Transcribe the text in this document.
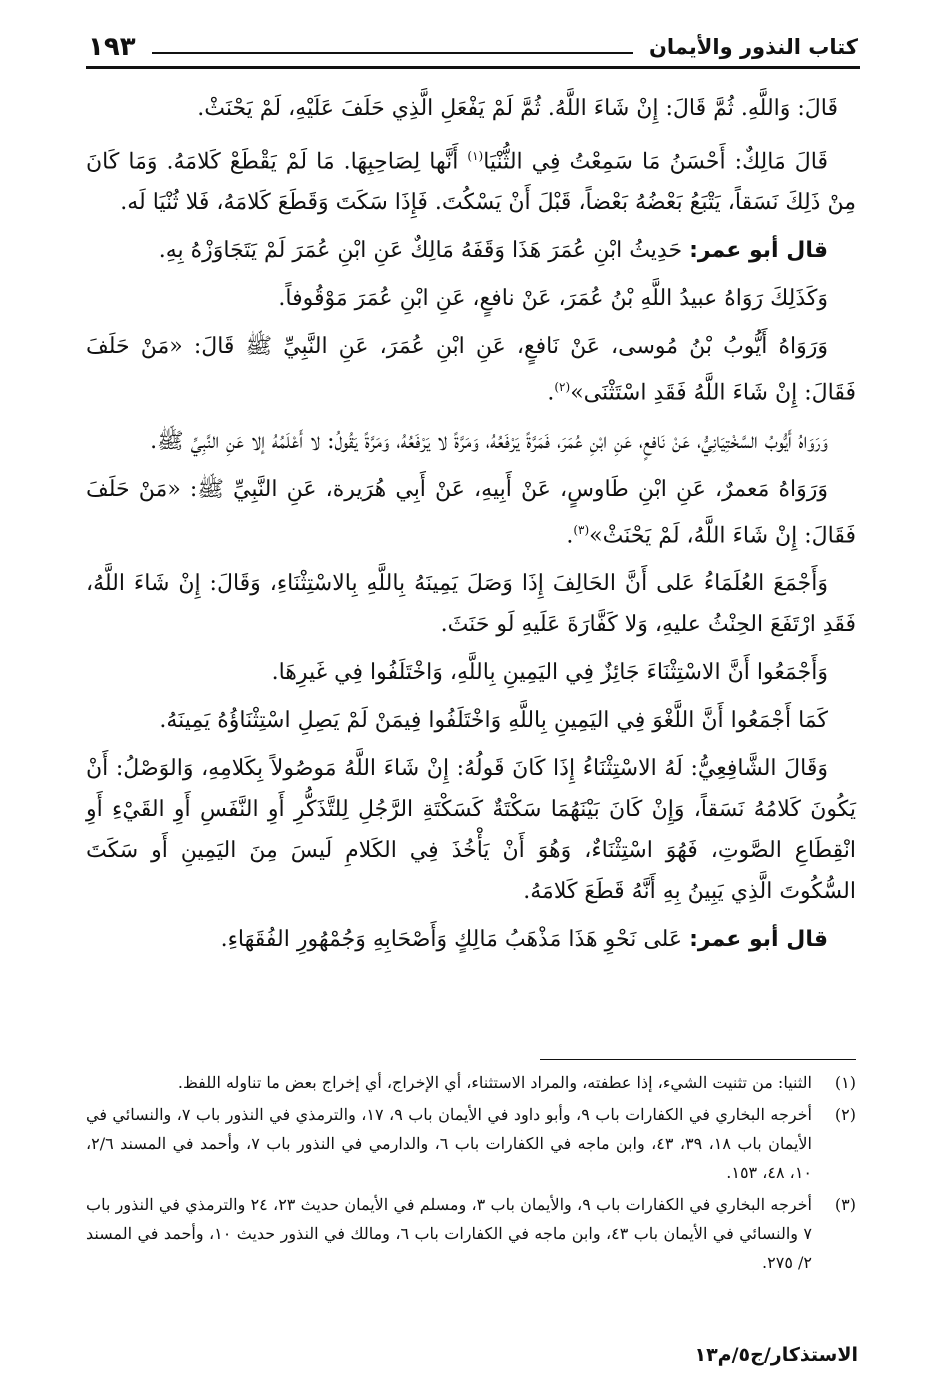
كتاب النذور والأيمان
١٩٣

قَالَ: وَاللَّهِ. ثُمَّ قَالَ: إِنْ شَاءَ اللَّهُ. ثُمَّ لَمْ يَفْعَلِ الَّذِي حَلَفَ عَلَيْهِ، لَمْ يَحْنَثْ.

قَالَ مَالِكٌ: أَحْسَنُ مَا سَمِعْتُ فِي الثُّنْيَا$^{(١)}$ أَنَّها لِصَاحِبِهَا. مَا لَمْ يَقْطَعْ كَلامَهُ. وَمَا كَانَ مِنْ ذَلِكَ نَسَقاً، يَتْبَعُ بَعْضُهُ بَعْضاً، قَبْلَ أَنْ يَسْكُتَ. فَإِذَا سَكَتَ وَقَطَعَ كَلامَهُ، فَلا ثُنْيَا لَه.

قال أبو عمر: حَدِيثُ ابْنِ عُمَرَ هَذَا وَقَفَهُ مَالِكٌ عَنِ ابْنِ عُمَرَ لَمْ يَتَجَاوَزْهُ بِهِ.

وَكَذَلِكَ رَوَاهُ عبيدُ اللَّهِ بْنُ عُمَرَ، عَنْ نافعٍ، عَنِ ابْنِ عُمَرَ مَوْقُوفاً.

وَرَوَاهُ أَيُّوبُ بْنُ مُوسى، عَنْ نَافعٍ، عَنِ ابْنِ عُمَرَ، عَنِ النَّبِيِّ ﷺ قَالَ: «مَنْ حَلَفَ فَقَالَ: إِنْ شَاءَ اللَّهُ فَقَدِ اسْتَثْنَى»$^{(٢)}$.

وَرَوَاهُ أَيُّوبُ السَّخْتِيَانِيُّ، عَنْ نَافعٍ، عَنِ ابْنِ عُمَرَ، فَمَرَّةً يَرْفَعُهُ، وَمَرَّةً لا يَرْفَعُهُ، وَمَرَّةً يَقُولُ: لا أَعْلَمُهُ إلا عَنِ النَّبِيِّ ﷺ.

وَرَوَاهُ مَعمرٌ، عَنِ ابْنِ طَاوسٍ، عَنْ أَبِيهِ، عَنْ أَبِي هُرَيرة، عَنِ النَّبِيِّ ﷺ: «مَنْ حَلَفَ فَقَالَ: إِنْ شَاءَ اللَّهُ، لَمْ يَحْنَثْ»$^{(٣)}$.

وَأَجْمَعَ العُلَمَاءُ عَلى أَنَّ الحَالِفَ إِذَا وَصَلَ يَمِينَهُ بِاللَّهِ بِالاسْتِثْنَاءِ، وَقَالَ: إِنْ شَاءَ اللَّهُ، فَقَدِ ارْتَفَعَ الحِنْثُ عليهِ، وَلا كَفَّارَةَ عَلَيهِ لَو حَنَثَ.

وَأَجْمَعُوا أَنَّ الاسْتِثْنَاءَ جَائِزٌ فِي اليَمِينِ بِاللَّهِ، وَاخْتَلَفُوا فِي غَيرِهَا.

كَمَا أَجْمَعُوا أَنَّ اللَّغْوَ فِي اليَمِينِ بِاللَّهِ وَاخْتَلَفُوا فِيمَنْ لَمْ يَصِلِ اسْتِثْنَاؤُهُ يَمِينَهُ.

وَقَالَ الشَّافِعِيُّ: لَهُ الاسْتِثْنَاءُ إِذَا كَانَ قَولُهُ: إِنْ شَاءَ اللَّهُ مَوصُولاً بِكَلامِهِ، وَالوَصْلُ: أَنْ يَكُونَ كَلامُهُ نَسَقاً، وَإِنْ كَانَ بَيْنَهُمَا سَكْتَةٌ كَسَكْتَةِ الرَّجُلِ لِلتَّذَكُّرِ أَوِ النَّفَسِ أَوِ القَيْءِ أَوِ انْقِطَاعِ الصَّوتِ، فَهُوَ اسْتِثْنَاءٌ، وَهُوَ أَنْ يَأْخُذَ فِي الكَلامِ لَيسَ مِنَ اليَمِينِ أَو سَكَتَ السُّكُوتَ الَّذِي يَبِينُ بِهِ أَنَّهُ قَطَعَ كَلامَهُ.

قال أبو عمر: عَلى نَحْوِ هَذَا مَذْهَبُ مَالِكٍ وَأَصْحَابِهِ وَجُمْهُورِ الفُقَهَاءِ.

(١)
الثنيا: من تثنيت الشيء، إذا عطفته، والمراد الاستثناء، أي الإخراج، أي إخراج بعض ما تناوله اللفظ.
(٢)
أخرجه البخاري في الكفارات باب ٩، وأبو داود في الأيمان باب ٩، ١٧، والترمذي في النذور باب ٧، والنسائي في الأيمان باب ١٨، ٣٩، ٤٣، وابن ماجه في الكفارات باب ٦، والدارمي في النذور باب ٧، وأحمد في المسند ٢/٦، ١٠، ٤٨، ١٥٣.
(٣)
أخرجه البخاري في الكفارات باب ٩، والأيمان باب ٣، ومسلم في الأيمان حديث ٢٣، ٢٤ والترمذي في النذور باب ٧ والنسائي في الأيمان باب ٤٣، وابن ماجه في الكفارات باب ٦، ومالك في النذور حديث ١٠، وأحمد في المسند ٢/ ٢٧٥.
الاستذكار/ج٥/م١٣
